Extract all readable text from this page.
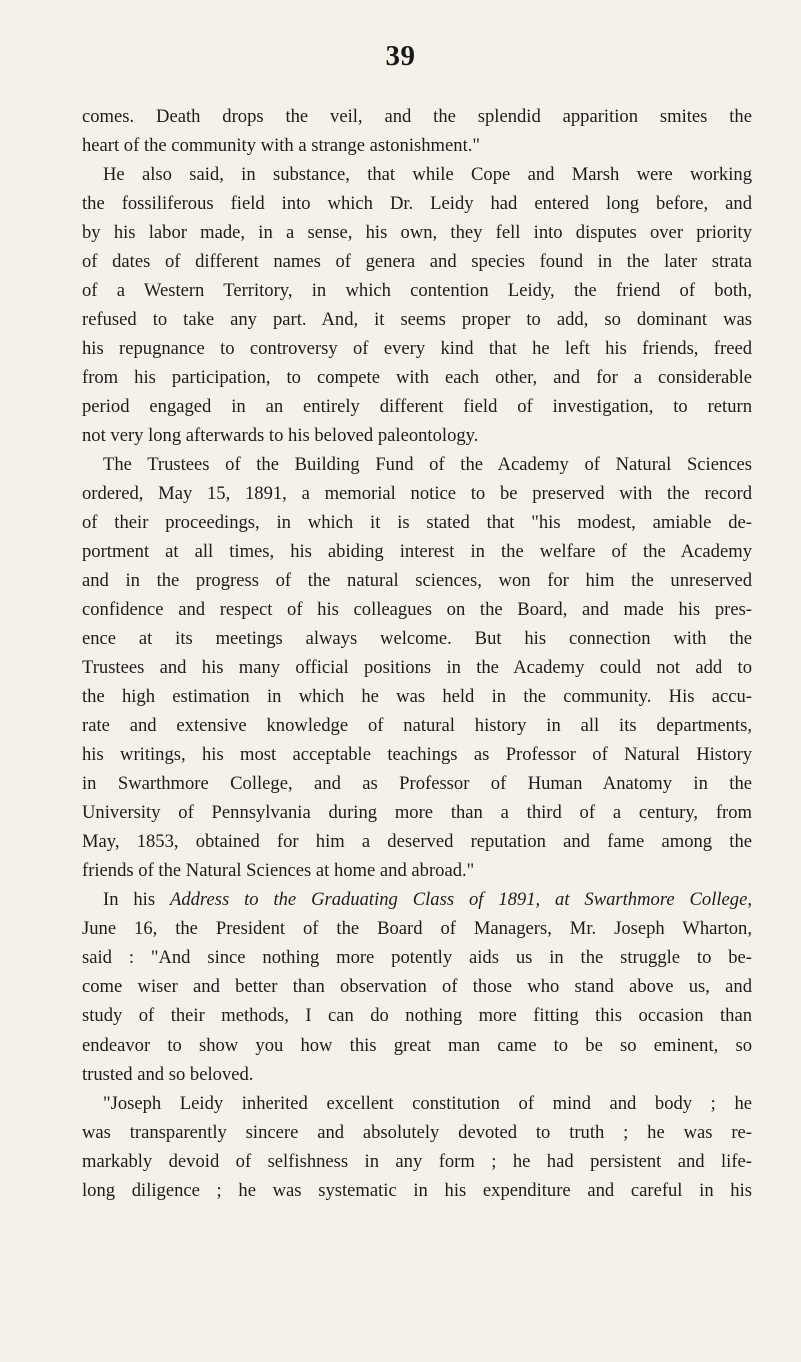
39
comes. Death drops the veil, and the splendid apparition smites the
heart of the community with a strange astonishment."
He also said, in substance, that while Cope and Marsh were working
the fossiliferous field into which Dr. Leidy had entered long before, and
by his labor made, in a sense, his own, they fell into disputes over priority
of dates of different names of genera and species found in the later strata
of a Western Territory, in which contention Leidy, the friend of both,
refused to take any part. And, it seems proper to add, so dominant was
his repugnance to controversy of every kind that he left his friends, freed
from his participation, to compete with each other, and for a considerable
period engaged in an entirely different field of investigation, to return
not very long afterwards to his beloved paleontology.
The Trustees of the Building Fund of the Academy of Natural Sciences
ordered, May 15, 1891, a memorial notice to be preserved with the record
of their proceedings, in which it is stated that "his modest, amiable de-
portment at all times, his abiding interest in the welfare of the Academy
and in the progress of the natural sciences, won for him the unreserved
confidence and respect of his colleagues on the Board, and made his pres-
ence at its meetings always welcome. But his connection with the
Trustees and his many official positions in the Academy could not add to
the high estimation in which he was held in the community. His accu-
rate and extensive knowledge of natural history in all its departments,
his writings, his most acceptable teachings as Professor of Natural History
in Swarthmore College, and as Professor of Human Anatomy in the
University of Pennsylvania during more than a third of a century, from
May, 1853, obtained for him a deserved reputation and fame among the
friends of the Natural Sciences at home and abroad."
In his Address to the Graduating Class of 1891, at Swarthmore College,
June 16, the President of the Board of Managers, Mr. Joseph Wharton,
said : "And since nothing more potently aids us in the struggle to be-
come wiser and better than observation of those who stand above us, and
study of their methods, I can do nothing more fitting this occasion than
endeavor to show you how this great man came to be so eminent, so
trusted and so beloved.
"Joseph Leidy inherited excellent constitution of mind and body ; he
was transparently sincere and absolutely devoted to truth ; he was re-
markably devoid of selfishness in any form ; he had persistent and life-
long diligence ; he was systematic in his expenditure and careful in his
